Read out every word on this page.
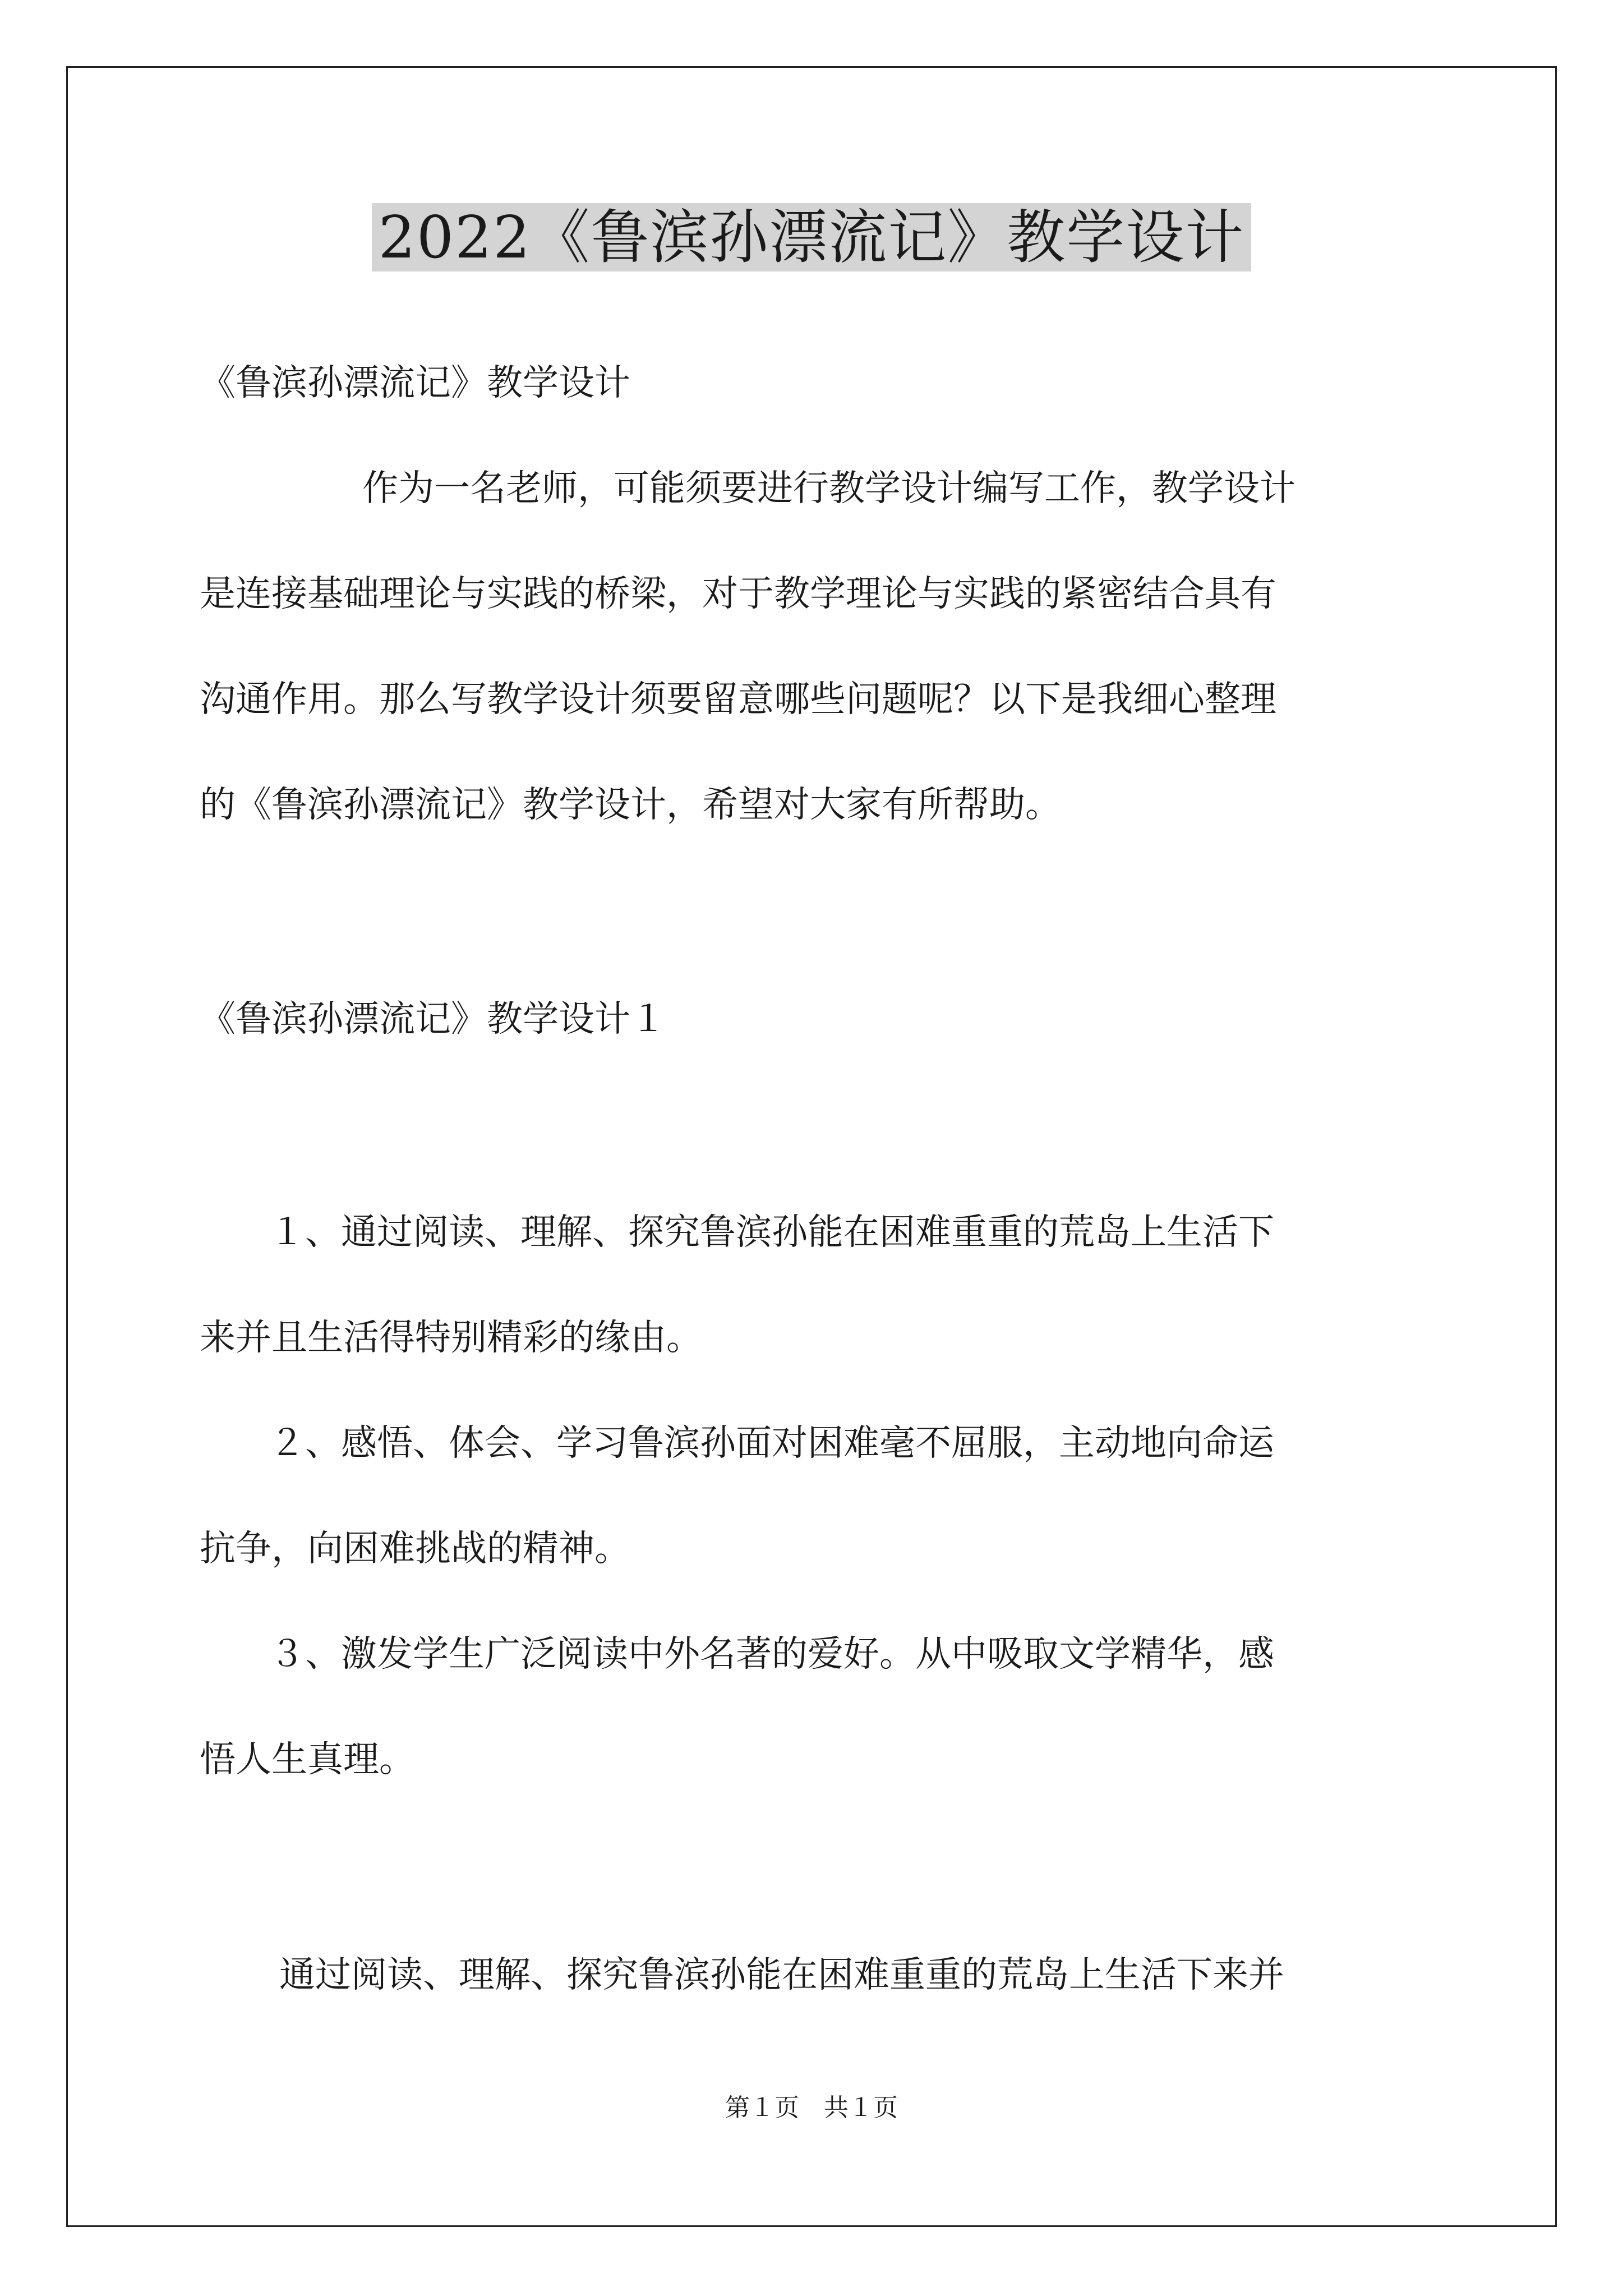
2022《鲁滨孙漂流记》教学设计
《鲁滨孙漂流记》教学设计
作为一名老师，可能须要进行教学设计编写工作，教学设计
是连接基础理论与实践的桥梁，对于教学理论与实践的紧密结合具有
沟通作用。那么写教学设计须要留意哪些问题呢？以下是我细心整理
的《鲁滨孙漂流记》教学设计，希望对大家有所帮助。
《鲁滨孙漂流记》教学设计１
１、通过阅读、理解、探究鲁滨孙能在困难重重的荒岛上生活下
来并且生活得特别精彩的缘由。
２、感悟、体会、学习鲁滨孙面对困难毫不屈服，主动地向命运
抗争，向困难挑战的精神。
３、激发学生广泛阅读中外名著的爱好。从中吸取文学精华，感
悟人生真理。
通过阅读、理解、探究鲁滨孙能在困难重重的荒岛上生活下来并
第１页　共１页
